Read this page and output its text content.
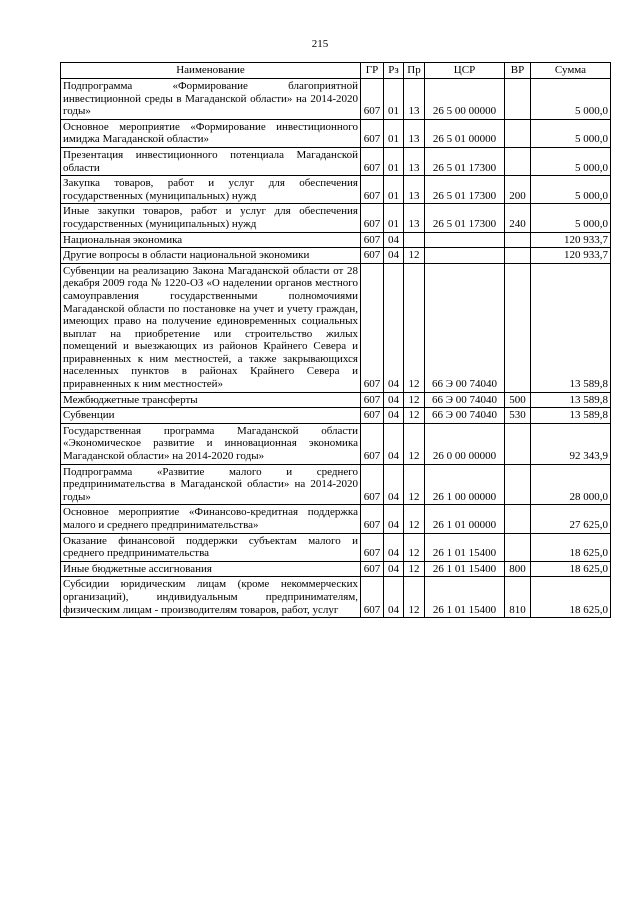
215
Наименование	ГР	Рз	Пр	ЦСР	ВР	Сумма
Подпрограмма «Формирование благоприятной инвестиционной среды в Магаданской области» на 2014-2020 годы»	607	01	13	26 5 00 00000		5 000,0
Основное мероприятие «Формирование инвестиционного имиджа Магаданской области»	607	01	13	26 5 01 00000		5 000,0
Презентация инвестиционного потенциала Магаданской области	607	01	13	26 5 01 17300		5 000,0
Закупка товаров, работ и услуг для обеспечения государственных (муниципальных) нужд	607	01	13	26 5 01 17300	200	5 000,0
Иные закупки товаров, работ и услуг для обеспечения государственных (муниципальных) нужд	607	01	13	26 5 01 17300	240	5 000,0
Национальная экономика	607	04				120 933,7
Другие вопросы в области национальной экономики	607	04	12			120 933,7
Субвенции на реализацию Закона Магаданской области от 28 декабря 2009 года № 1220-ОЗ «О наделении органов местного самоуправления государственными полномочиями Магаданской области по постановке на учет и учету граждан, имеющих право на получение единовременных социальных выплат на приобретение или строительство жилых помещений и выезжающих из районов Крайнего Севера и приравненных к ним местностей, а также закрывающихся населенных пунктов в районах Крайнего Севера и приравненных к ним местностей»	607	04	12	66 Э 00 74040		13 589,8
Межбюджетные трансферты	607	04	12	66 Э 00 74040	500	13 589,8
Субвенции	607	04	12	66 Э 00 74040	530	13 589,8
Государственная программа Магаданской области «Экономическое развитие и инновационная экономика Магаданской области» на 2014-2020 годы»	607	04	12	26 0 00 00000		92 343,9
Подпрограмма «Развитие малого и среднего предпринимательства в Магаданской области» на 2014-2020 годы»	607	04	12	26 1 00 00000		28 000,0
Основное мероприятие «Финансово-кредитная поддержка малого и среднего предпринимательства»	607	04	12	26 1 01 00000		27 625,0
Оказание финансовой поддержки субъектам малого и среднего предпринимательства	607	04	12	26 1 01 15400		18 625,0
Иные бюджетные ассигнования	607	04	12	26 1 01 15400	800	18 625,0
Субсидии юридическим лицам (кроме некоммерческих организаций), индивидуальным предпринимателям, физическим лицам - производителям товаров, работ, услуг	607	04	12	26 1 01 15400	810	18 625,0
